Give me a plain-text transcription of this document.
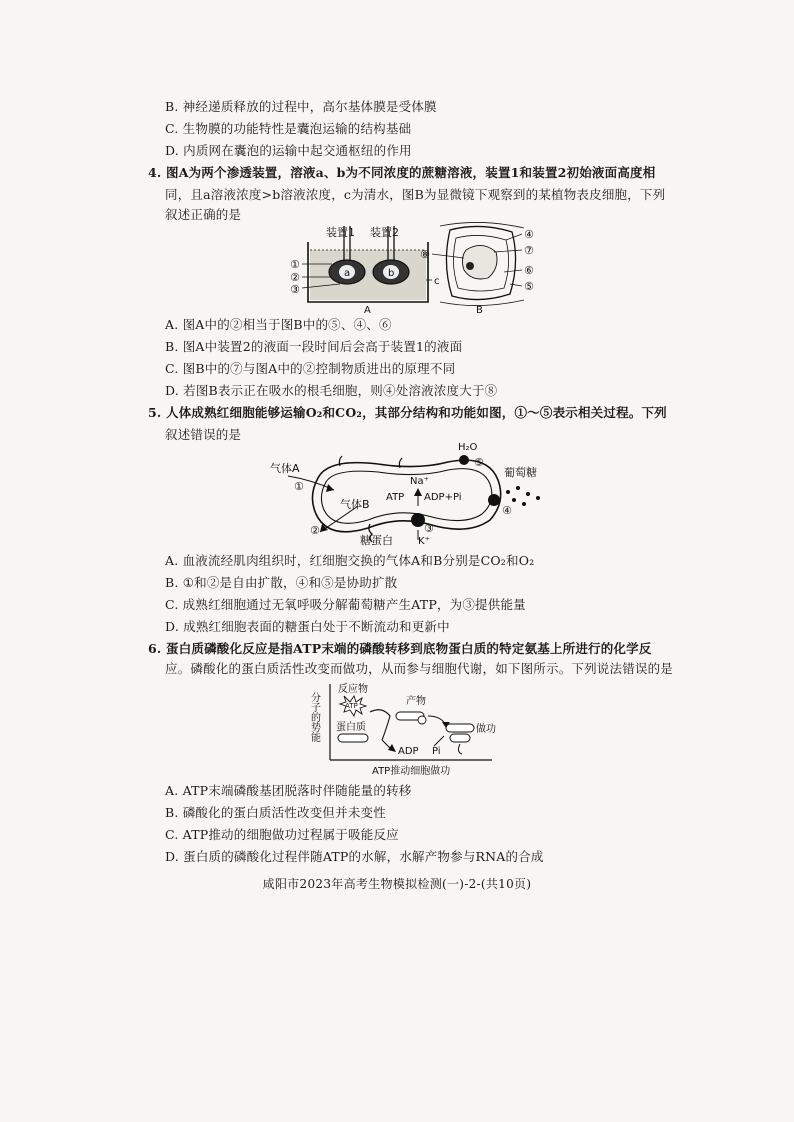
B. 神经递质释放的过程中，高尔基体膜是受体膜
C. 生物膜的功能特性是囊泡运输的结构基础
D. 内质网在囊泡的运输中起交通枢纽的作用
4. 图A为两个渗透装置，溶液a、b为不同浓度的蔗糖溶液，装置1和装置2初始液面高度相
同，且a溶液浓度>b溶液浓度，c为清水，图B为显微镜下观察到的某植物表皮细胞，下列
叙述正确的是
装置1 装置2
a	b
c
①
②
③
A
④
⑦
⑥
⑤
⑧
B
A. 图A中的②相当于图B中的⑤、④、⑥
B. 图A中装置2的液面一段时间后会高于装置1的液面
C. 图B中的⑦与图A中的②控制物质进出的原理不同
D. 若图B表示正在吸水的根毛细胞，则④处溶液浓度大于⑧
5. 人体成熟红细胞能够运输O₂和CO₂，其部分结构和功能如图，①～⑤表示相关过程。下列
叙述错误的是
气体A
①
气体B
②
ATP
Na⁺
ADP+Pi
③
K⁺
H₂O
⑤
葡萄糖
④
糖蛋白
A. 血液流经肌肉组织时，红细胞交换的气体A和B分别是CO₂和O₂
B. ①和②是自由扩散，④和⑤是协助扩散
C. 成熟红细胞通过无氧呼吸分解葡萄糖产生ATP，为③提供能量
D. 成熟红细胞表面的糖蛋白处于不断流动和更新中
6. 蛋白质磷酸化反应是指ATP末端的磷酸转移到底物蛋白质的特定氨基上所进行的化学反
应。磷酸化的蛋白质活性改变而做功，从而参与细胞代谢，如下图所示。下列说法错误的是
分子的势能
反应物
ATP
蛋白质
产物
ADP Pi
做功
ATP推动细胞做功
A. ATP末端磷酸基团脱落时伴随能量的转移
B. 磷酸化的蛋白质活性改变但并未变性
C. ATP推动的细胞做功过程属于吸能反应
D. 蛋白质的磷酸化过程伴随ATP的水解，水解产物参与RNA的合成
咸阳市2023年高考生物模拟检测(一)-2-(共10页)
